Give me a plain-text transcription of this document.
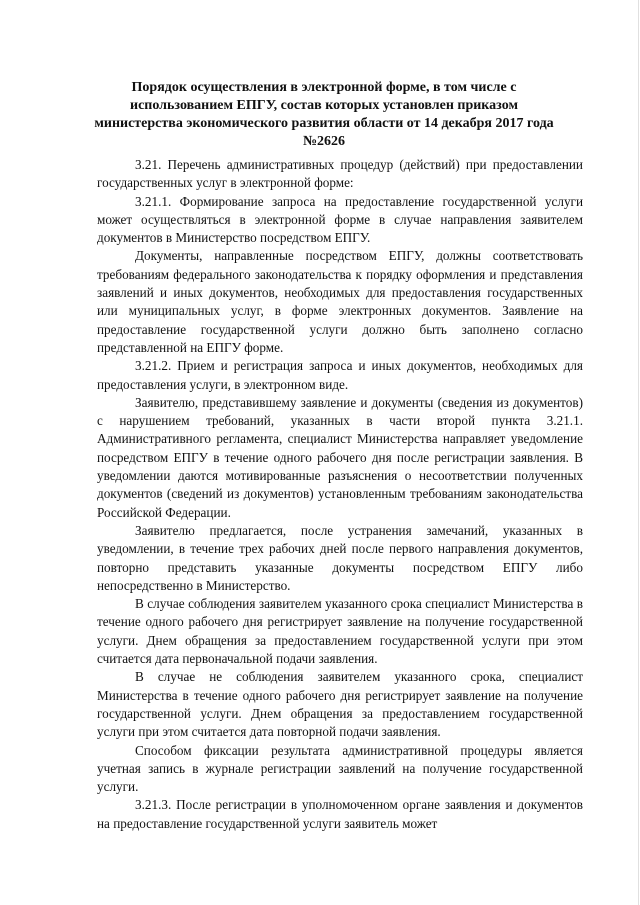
Порядок осуществления в электронной форме, в том числе с
использованием ЕПГУ, состав которых установлен приказом
министерства экономического развития области от 14 декабря 2017 года
№2626

3.21. Перечень административных процедур (действий) при предоставлении государственных услуг в электронной форме:

3.21.1. Формирование запроса на предоставление государственной услуги может осуществляться в электронной форме в случае направления заявителем документов в Министерство посредством ЕПГУ.

Документы, направленные посредством ЕПГУ, должны соответствовать требованиям федерального законодательства к порядку оформления и представления заявлений и иных документов, необходимых для предоставления государственных или муниципальных услуг, в форме электронных документов. Заявление на предоставление государственной услуги должно быть заполнено согласно представленной на ЕПГУ форме.

3.21.2. Прием и регистрация запроса и иных документов, необходимых для предоставления услуги, в электронном виде.

Заявителю, представившему заявление и документы (сведения из документов) с нарушением требований, указанных в части второй пункта 3.21.1. Административного регламента, специалист Министерства направляет уведомление посредством ЕПГУ в течение одного рабочего дня после регистрации заявления. В уведомлении даются мотивированные разъяснения о несоответствии полученных документов (сведений из документов) установленным требованиям законодательства Российской Федерации.

Заявителю предлагается, после устранения замечаний, указанных в уведомлении, в течение трех рабочих дней после первого направления документов, повторно представить указанные документы посредством ЕПГУ либо непосредственно в Министерство.

В случае соблюдения заявителем указанного срока специалист Министерства в течение одного рабочего дня регистрирует заявление на получение государственной услуги. Днем обращения за предоставлением государственной услуги при этом считается дата первоначальной подачи заявления.

В случае не соблюдения заявителем указанного срока, специалист Министерства в течение одного рабочего дня регистрирует заявление на получение государственной услуги. Днем обращения за предоставлением государственной услуги при этом считается дата повторной подачи заявления.

Способом фиксации результата административной процедуры является учетная запись в журнале регистрации заявлений на получение государственной услуги.

3.21.3. После регистрации в уполномоченном органе заявления и документов на предоставление государственной услуги заявитель может
